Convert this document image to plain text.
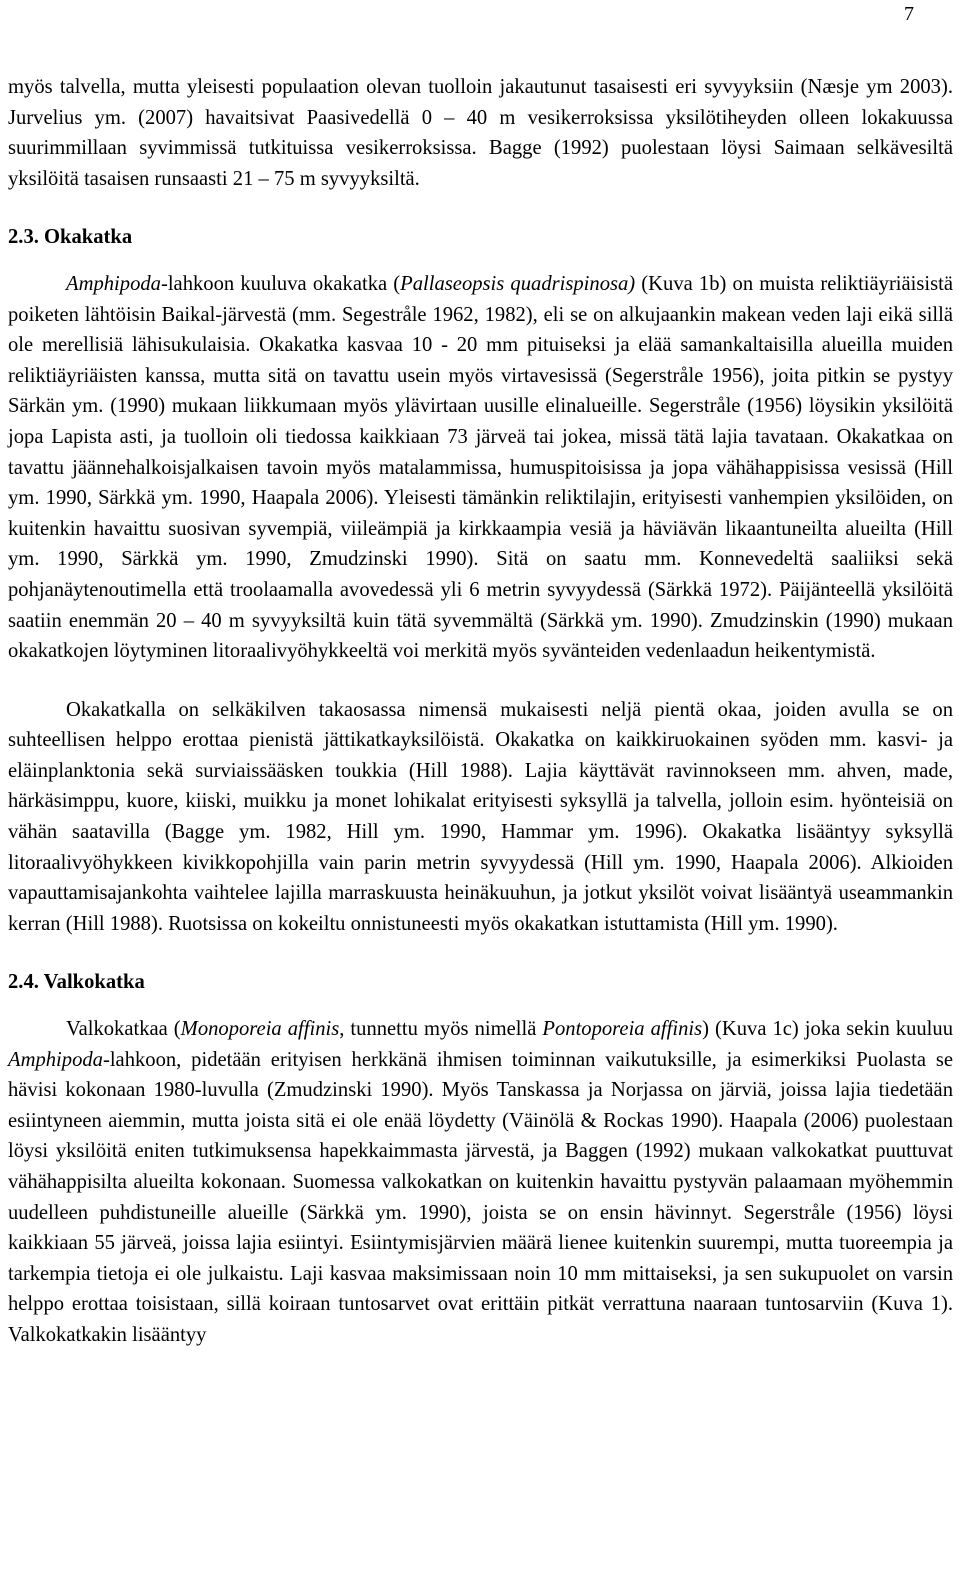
7

myös talvella, mutta yleisesti populaation olevan tuolloin jakautunut tasaisesti eri syvyyksiin (Næsje ym 2003). Jurvelius ym. (2007) havaitsivat Paasivedellä 0 – 40 m vesikerroksissa yksilötiheyden olleen lokakuussa suurimmillaan syvimmissä tutkituissa vesikerroksissa. Bagge (1992) puolestaan löysi Saimaan selkävesiltä yksilöitä tasaisen runsaasti 21 – 75 m syvyyksiltä.

2.3. Okakatka

Amphipoda-lahkoon kuuluva okakatka (Pallaseopsis quadrispinosa) (Kuva 1b) on muista reliktiäyriäisistä poiketen lähtöisin Baikal-järvestä (mm. Segestråle 1962, 1982), eli se on alkujaankin makean veden laji eikä sillä ole merellisiä lähisukulaisia. Okakatka kasvaa 10 - 20 mm pituiseksi ja elää samankaltaisilla alueilla muiden reliktiäyriäisten kanssa, mutta sitä on tavattu usein myös virtavesissä (Segerstråle 1956), joita pitkin se pystyy Särkän ym. (1990) mukaan liikkumaan myös ylävirtaan uusille elinalueille. Segerstråle (1956) löysikin yksilöitä jopa Lapista asti, ja tuolloin oli tiedossa kaikkiaan 73 järveä tai jokea, missä tätä lajia tavataan. Okakatkaa on tavattu jäännehalkoisjalkaisen tavoin myös matalammissa, humuspitoisissa ja jopa vähähappisissa vesissä (Hill ym. 1990, Särkkä ym. 1990, Haapala 2006). Yleisesti tämänkin reliktilajin, erityisesti vanhempien yksilöiden, on kuitenkin havaittu suosivan syvempiä, viileämpiä ja kirkkaampia vesiä ja häviävän likaantuneilta alueilta (Hill ym. 1990, Särkkä ym. 1990, Zmudzinski 1990). Sitä on saatu mm. Konnevedeltä saaliiksi sekä pohjanäytenoutimella että troolaamalla avovedessä yli 6 metrin syvyydessä (Särkkä 1972). Päijänteellä yksilöitä saatiin enemmän 20 – 40 m syvyyksiltä kuin tätä syvemmältä (Särkkä ym. 1990). Zmudzinskin (1990) mukaan okakatkojen löytyminen litoraalivyöhykkeeltä voi merkitä myös syvänteiden vedenlaadun heikentymistä.

Okakatkalla on selkäkilven takaosassa nimensä mukaisesti neljä pientä okaa, joiden avulla se on suhteellisen helppo erottaa pienistä jättikatkayksilöistä. Okakatka on kaikkiruokainen syöden mm. kasvi- ja eläinplanktonia sekä surviaissääsken toukkia (Hill 1988). Lajia käyttävät ravinnokseen mm. ahven, made, härkäsimppu, kuore, kiiski, muikku ja monet lohikalat erityisesti syksyllä ja talvella, jolloin esim. hyönteisiä on vähän saatavilla (Bagge ym. 1982, Hill ym. 1990, Hammar ym. 1996). Okakatka lisääntyy syksyllä litoraalivyöhykkeen kivikkopohjilla vain parin metrin syvyydessä (Hill ym. 1990, Haapala 2006). Alkioiden vapauttamisajankohta vaihtelee lajilla marraskuusta heinäkuuhun, ja jotkut yksilöt voivat lisääntyä useammankin kerran (Hill 1988). Ruotsissa on kokeiltu onnistuneesti myös okakatkan istuttamista (Hill ym. 1990).

2.4. Valkokatka

Valkokatkaa (Monoporeia affinis, tunnettu myös nimellä Pontoporeia affinis) (Kuva 1c) joka sekin kuuluu Amphipoda-lahkoon, pidetään erityisen herkkänä ihmisen toiminnan vaikutuksille, ja esimerkiksi Puolasta se hävisi kokonaan 1980-luvulla (Zmudzinski 1990). Myös Tanskassa ja Norjassa on järviä, joissa lajia tiedetään esiintyneen aiemmin, mutta joista sitä ei ole enää löydetty (Väinölä & Rockas 1990). Haapala (2006) puolestaan löysi yksilöitä eniten tutkimuksensa hapekkaimmasta järvestä, ja Baggen (1992) mukaan valkokatkat puuttuvat vähähappisilta alueilta kokonaan. Suomessa valkokatkan on kuitenkin havaittu pystyvän palaamaan myöhemmin uudelleen puhdistuneille alueille (Särkkä ym. 1990), joista se on ensin hävinnyt. Segerstråle (1956) löysi kaikkiaan 55 järveä, joissa lajia esiintyi. Esiintymisjärvien määrä lienee kuitenkin suurempi, mutta tuoreempia ja tarkempia tietoja ei ole julkaistu. Laji kasvaa maksimissaan noin 10 mm mittaiseksi, ja sen sukupuolet on varsin helppo erottaa toisistaan, sillä koiraan tuntosarvet ovat erittäin pitkät verrattuna naaraan tuntosarviin (Kuva 1). Valkokatkakin lisääntyy
